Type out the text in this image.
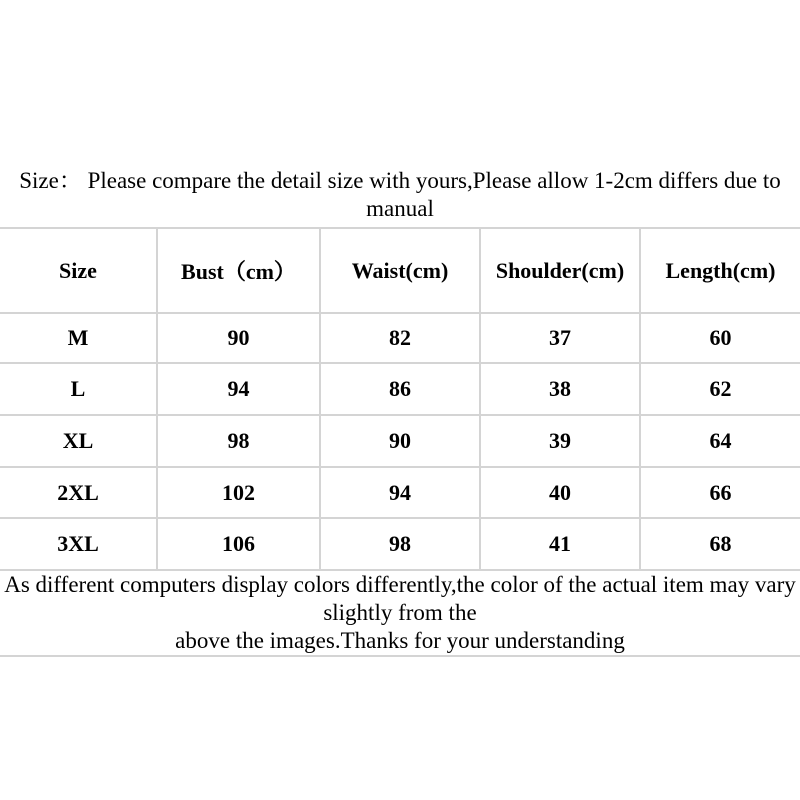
Size： Please compare the detail size with yours,Please allow 1-2cm differs due to manual
Size	Bust（cm）	Waist(cm)	Shoulder(cm)	Length(cm)
M	90	82	37	60
L	94	86	38	62
XL	98	90	39	64
2XL	102	94	40	66
3XL	106	98	41	68

As different computers display colors differently,the color of the actual item may vary slightly from the
above the images.Thanks for your understanding				
